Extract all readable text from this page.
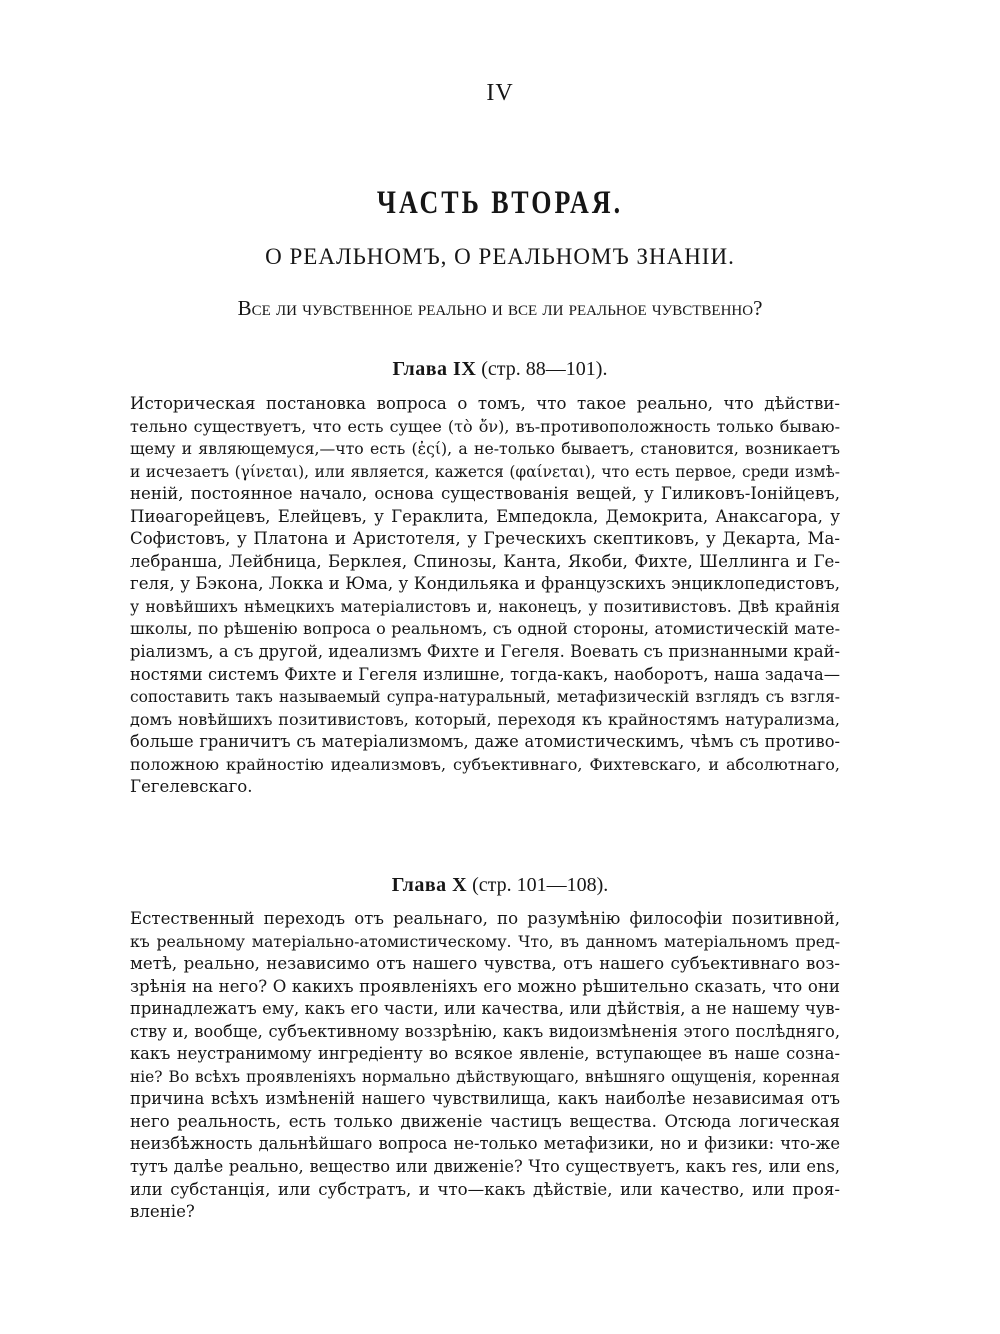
IV
ЧАСТЬ ВТОРАЯ.
О РЕАЛЬНОМЪ, О РЕАЛЬНОМЪ ЗНАНІИ.
Все ли чувственное реально и все ли реальное чувственно?
Глава IX (стр. 88—101).
Историческая постановка вопроса о томъ, что такое реально, что дѣйстви-
тельно существуетъ, что есть сущее (τὸ ὄν), въ-противоположность только бываю-
щему и являющемуся,—что есть (ἐςί), а не-только бываетъ, становится, возникаетъ
и исчезаетъ (γίνεται), или является, кажется (φαίνεται), что есть первое, среди измѣ-
неній, постоянное начало, основа существованія вещей, у Гиликовъ-Іонійцевъ,
Пиѳагорейцевъ, Елейцевъ, у Гераклита, Емпедокла, Демокрита, Анаксагора, у
Софистовъ, у Платона и Аристотеля, у Греческихъ скептиковъ, у Декарта, Ма-
лебранша, Лейбница, Берклея, Спинозы, Канта, Якоби, Фихте, Шеллинга и Ге-
геля, у Бэкона, Локка и Юма, у Кондильяка и французскихъ энциклопедистовъ,
у новѣйшихъ нѣмецкихъ матеріалистовъ и, наконецъ, у позитивистовъ. Двѣ крайнія
школы, по рѣшенію вопроса о реальномъ, съ одной стороны, атомистическій мате-
ріализмъ, а съ другой, идеализмъ Фихте и Гегеля. Воевать съ признанными край-
ностями системъ Фихте и Гегеля излишне, тогда-какъ, наоборотъ, наша задача—
сопоставить такъ называемый супра-натуральный, метафизическій взглядъ съ взгля-
домъ новѣйшихъ позитивистовъ, который, переходя къ крайностямъ натурализма,
больше граничитъ съ матеріализмомъ, даже атомистическимъ, чѣмъ съ противо-
положною крайностію идеализмовъ, субъективнаго, Фихтевскаго, и абсолютнаго,
Гегелевскаго.
Глава X (стр. 101—108).
Естественный переходъ отъ реальнаго, по разумѣнію философіи позитивной,
къ реальному матеріально-атомистическому. Что, въ данномъ матеріальномъ пред-
метѣ, реально, независимо отъ нашего чувства, отъ нашего субъективнаго воз-
зрѣнія на него? О какихъ проявленіяхъ его можно рѣшительно сказать, что они
принадлежатъ ему, какъ его части, или качества, или дѣйствія, а не нашему чув-
ству и, вообще, субъективному воззрѣнію, какъ видоизмѣненія этого послѣдняго,
какъ неустранимому ингредіенту во всякое явленіе, вступающее въ наше сознa-
ніе? Во всѣхъ проявленіяхъ нормально дѣйствующаго, внѣшняго ощущенія, коренная
причина всѣхъ измѣненій нашего чувствилища, какъ наиболѣе независимая отъ
него реальность, есть только движеніе частицъ вещества. Отсюда логическая
неизбѣжность дальнѣйшаго вопроса не-только метафизики, но и физики: что-же
тутъ далѣе реально, вещество или движеніе? Что существуетъ, какъ res, или ens,
или субстанція, или субстратъ, и что—какъ дѣйствіе, или качество, или проя-
вленіе?
